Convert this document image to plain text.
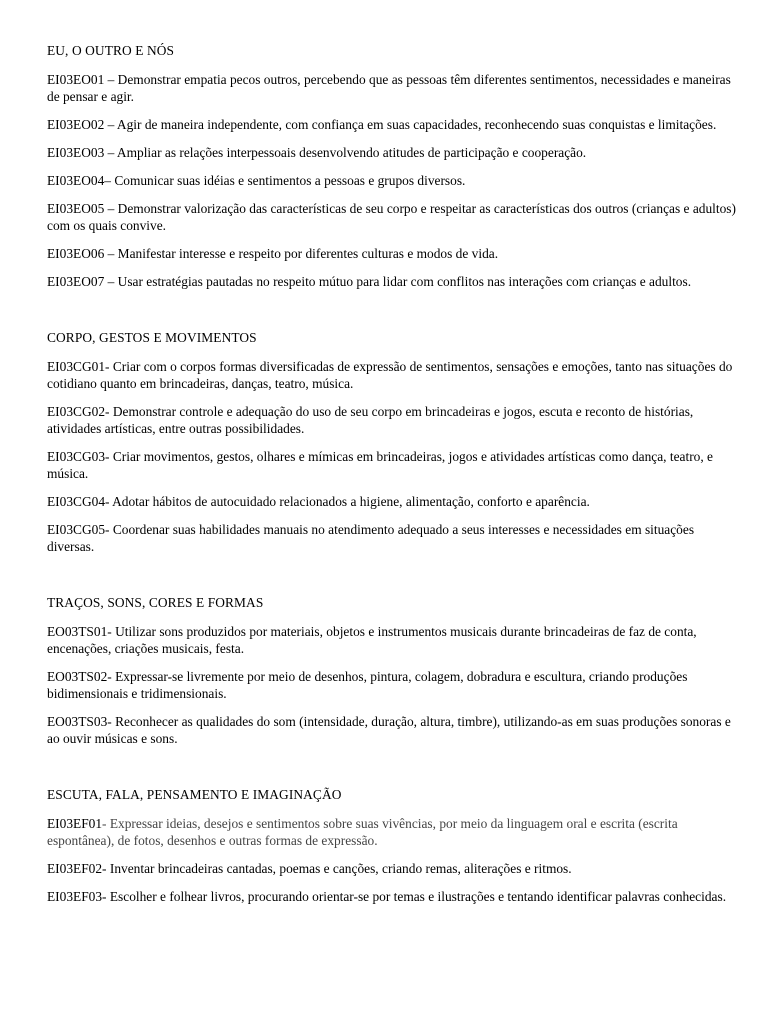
EU, O OUTRO E NÓS

EI03EO01 – Demonstrar empatia pecos outros, percebendo que as pessoas têm diferentes sentimentos, necessidades e maneiras de pensar e agir.

EI03EO02 – Agir de maneira independente, com confiança em suas capacidades, reconhecendo suas conquistas e limitações.

EI03EO03 – Ampliar as relações interpessoais desenvolvendo atitudes de participação e cooperação.

EI03EO04– Comunicar suas idéias e sentimentos a pessoas e grupos diversos.

EI03EO05 – Demonstrar valorização das características de seu corpo e respeitar as características dos outros (crianças e adultos) com os quais convive.

EI03EO06 – Manifestar interesse e respeito por diferentes culturas e modos de vida.

EI03EO07 – Usar estratégias pautadas no respeito mútuo para lidar com conflitos nas interações com crianças e adultos.

CORPO, GESTOS E MOVIMENTOS

EI03CG01- Criar com o corpos formas diversificadas de expressão de sentimentos, sensações e emoções, tanto nas situações do cotidiano quanto em brincadeiras, danças, teatro, música.

EI03CG02- Demonstrar controle e adequação do uso de seu corpo em brincadeiras e jogos, escuta e reconto de histórias, atividades artísticas, entre outras possibilidades.

EI03CG03- Criar movimentos, gestos, olhares e mímicas em brincadeiras, jogos e atividades artísticas como dança, teatro, e música.

EI03CG04- Adotar hábitos de autocuidado relacionados a higiene, alimentação, conforto e aparência.

EI03CG05- Coordenar suas habilidades manuais no atendimento adequado a seus interesses e necessidades em situações diversas.

TRAÇOS, SONS, CORES E FORMAS

EO03TS01- Utilizar sons produzidos por materiais, objetos e instrumentos musicais durante brincadeiras de faz de conta, encenações, criações musicais, festa.

EO03TS02- Expressar-se livremente por meio de desenhos, pintura, colagem, dobradura e escultura, criando produções bidimensionais e tridimensionais.

EO03TS03- Reconhecer as qualidades do som (intensidade, duração, altura, timbre), utilizando-as em suas produções sonoras e ao ouvir músicas e sons.

ESCUTA, FALA, PENSAMENTO E IMAGINAÇÃO

EI03EF01- Expressar ideias, desejos e sentimentos sobre suas vivências, por meio da linguagem oral e escrita (escrita espontânea), de fotos, desenhos e outras formas de expressão.

EI03EF02- Inventar brincadeiras cantadas, poemas e canções, criando remas, aliterações e ritmos.

EI03EF03- Escolher e folhear livros, procurando orientar-se por temas e ilustrações e tentando identificar palavras conhecidas.
